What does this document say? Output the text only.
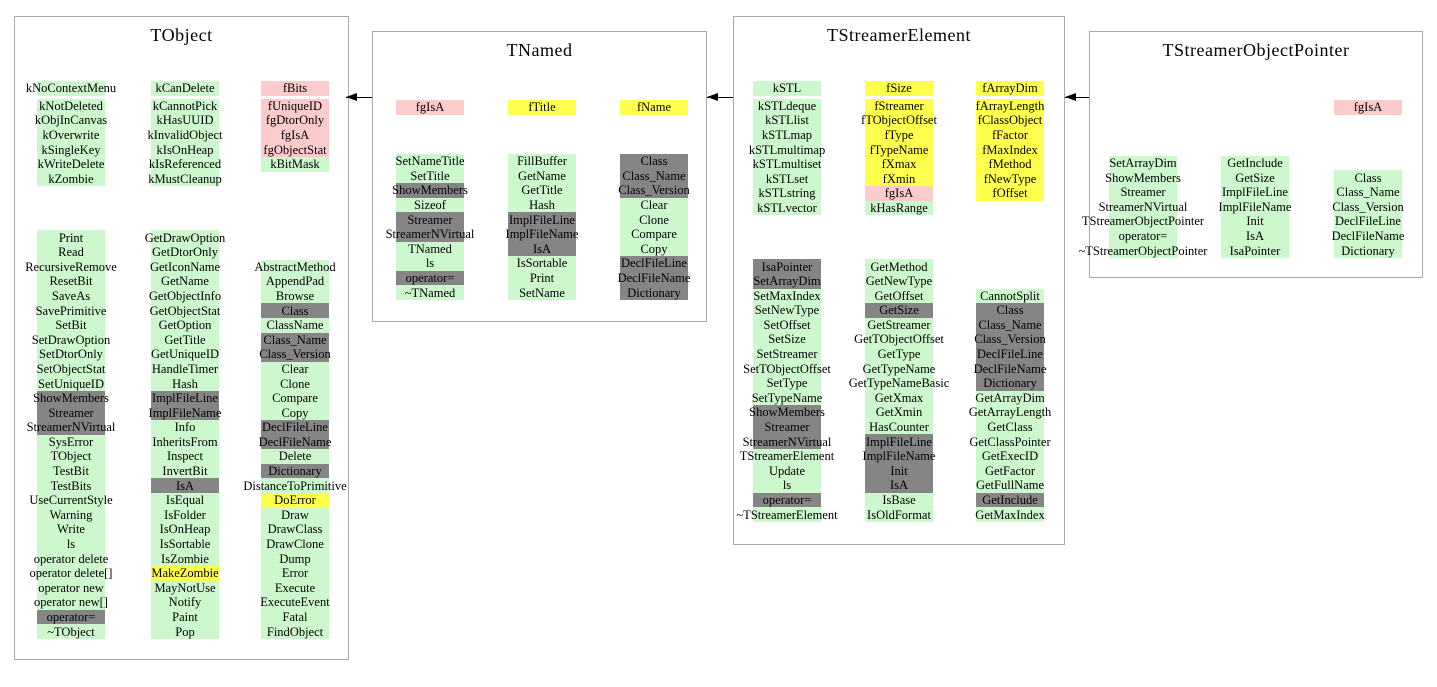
TObject
kNoContextMenu
kNotDeleted
kObjInCanvas
kOverwrite
kSingleKey
kWriteDelete
kZombie
kCanDelete
kCannotPick
kHasUUID
kInvalidObject
kIsOnHeap
kIsReferenced
kMustCleanup
fBits
fUniqueID
fgDtorOnly
fgIsA
fgObjectStat
kBitMask
Print
Read
RecursiveRemove
ResetBit
SaveAs
SavePrimitive
SetBit
SetDrawOption
SetDtorOnly
SetObjectStat
SetUniqueID
ShowMembers
Streamer
StreamerNVirtual
SysError
TObject
TestBit
TestBits
UseCurrentStyle
Warning
Write
ls
operator delete
operator delete[]
operator new
operator new[]
operator=
~TObject
GetDrawOption
GetDtorOnly
GetIconName
GetName
GetObjectInfo
GetObjectStat
GetOption
GetTitle
GetUniqueID
HandleTimer
Hash
ImplFileLine
ImplFileName
Info
InheritsFrom
Inspect
InvertBit
IsA
IsEqual
IsFolder
IsOnHeap
IsSortable
IsZombie
MakeZombie
MayNotUse
Notify
Paint
Pop
AbstractMethod
AppendPad
Browse
Class
ClassName
Class_Name
Class_Version
Clear
Clone
Compare
Copy
DeclFileLine
DeclFileName
Delete
Dictionary
DistanceToPrimitive
DoError
Draw
DrawClass
DrawClone
Dump
Error
Execute
ExecuteEvent
Fatal
FindObject
TNamed
fgIsA	fTitle	fName
SetNameTitle
SetTitle
ShowMembers
Sizeof
Streamer
StreamerNVirtual
TNamed
ls
operator=
~TNamed
FillBuffer
GetName
GetTitle
Hash
ImplFileLine
ImplFileName
IsA
IsSortable
Print
SetName
Class
Class_Name
Class_Version
Clear
Clone
Compare
Copy
DeclFileLine
DeclFileName
Dictionary
TStreamerElement
kSTL
kSTLdeque
kSTLlist
kSTLmap
kSTLmultimap
kSTLmultiset
kSTLset
kSTLstring
kSTLvector
fSize
fStreamer
fTObjectOffset
fType
fTypeName
fXmax
fXmin
fgIsA
kHasRange
fArrayDim
fArrayLength
fClassObject
fFactor
fMaxIndex
fMethod
fNewType
fOffset
IsaPointer
SetArrayDim
SetMaxIndex
SetNewType
SetOffset
SetSize
SetStreamer
SetTObjectOffset
SetType
SetTypeName
ShowMembers
Streamer
StreamerNVirtual
TStreamerElement
Update
ls
operator=
~TStreamerElement
GetMethod
GetNewType
GetOffset
GetSize
GetStreamer
GetTObjectOffset
GetType
GetTypeName
GetTypeNameBasic
GetXmax
GetXmin
HasCounter
ImplFileLine
ImplFileName
Init
IsA
IsBase
IsOldFormat
CannotSplit
Class
Class_Name
Class_Version
DeclFileLine
DeclFileName
Dictionary
GetArrayDim
GetArrayLength
GetClass
GetClassPointer
GetExecID
GetFactor
GetFullName
GetInclude
GetMaxIndex
TStreamerObjectPointer
fgIsA
SetArrayDim
ShowMembers
Streamer
StreamerNVirtual
TStreamerObjectPointer
operator=
~TStreamerObjectPointer
GetInclude
GetSize
ImplFileLine
ImplFileName
Init
IsA
IsaPointer
Class
Class_Name
Class_Version
DeclFileLine
DeclFileName
Dictionary
